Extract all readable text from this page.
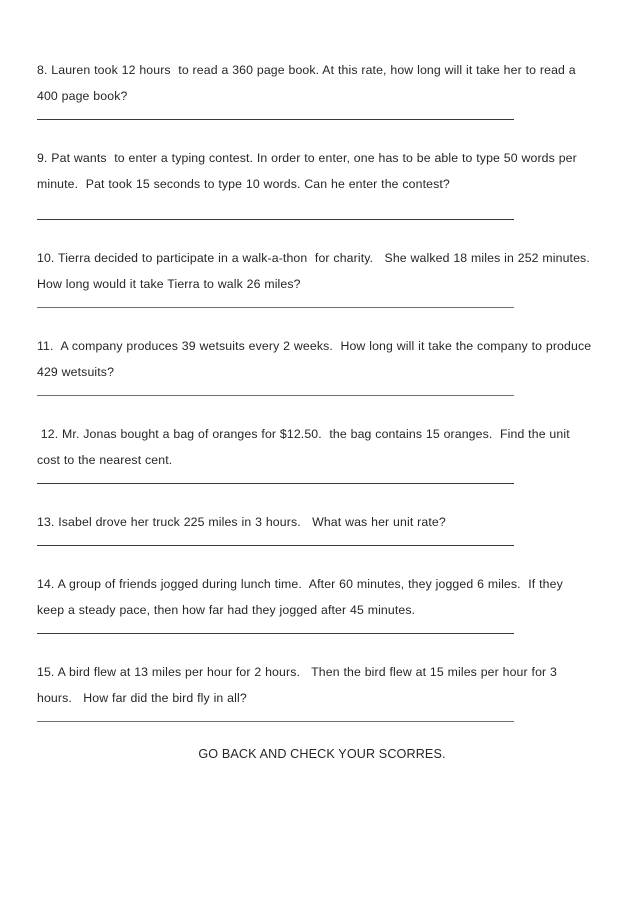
8. Lauren took 12 hours  to read a 360 page book. At this rate, how long will it take her to read a 400 page book?

9. Pat wants  to enter a typing contest. In order to enter, one has to be able to type 50 words per minute.  Pat took 15 seconds to type 10 words. Can he enter the contest?

10. Tierra decided to participate in a walk-a-thon  for charity.   She walked 18 miles in 252 minutes.  How long would it take Tierra to walk 26 miles?

11.  A company produces 39 wetsuits every 2 weeks.  How long will it take the company to produce 429 wetsuits?

12. Mr. Jonas bought a bag of oranges for $12.50.  the bag contains 15 oranges.  Find the unit cost to the nearest cent.

13. Isabel drove her truck 225 miles in 3 hours.   What was her unit rate?

14. A group of friends jogged during lunch time.  After 60 minutes, they jogged 6 miles.  If they keep a steady pace, then how far had they jogged after 45 minutes.

15. A bird flew at 13 miles per hour for 2 hours.   Then the bird flew at 15 miles per hour for 3 hours.   How far did the bird fly in all?

GO BACK AND CHECK YOUR SCORRES.
